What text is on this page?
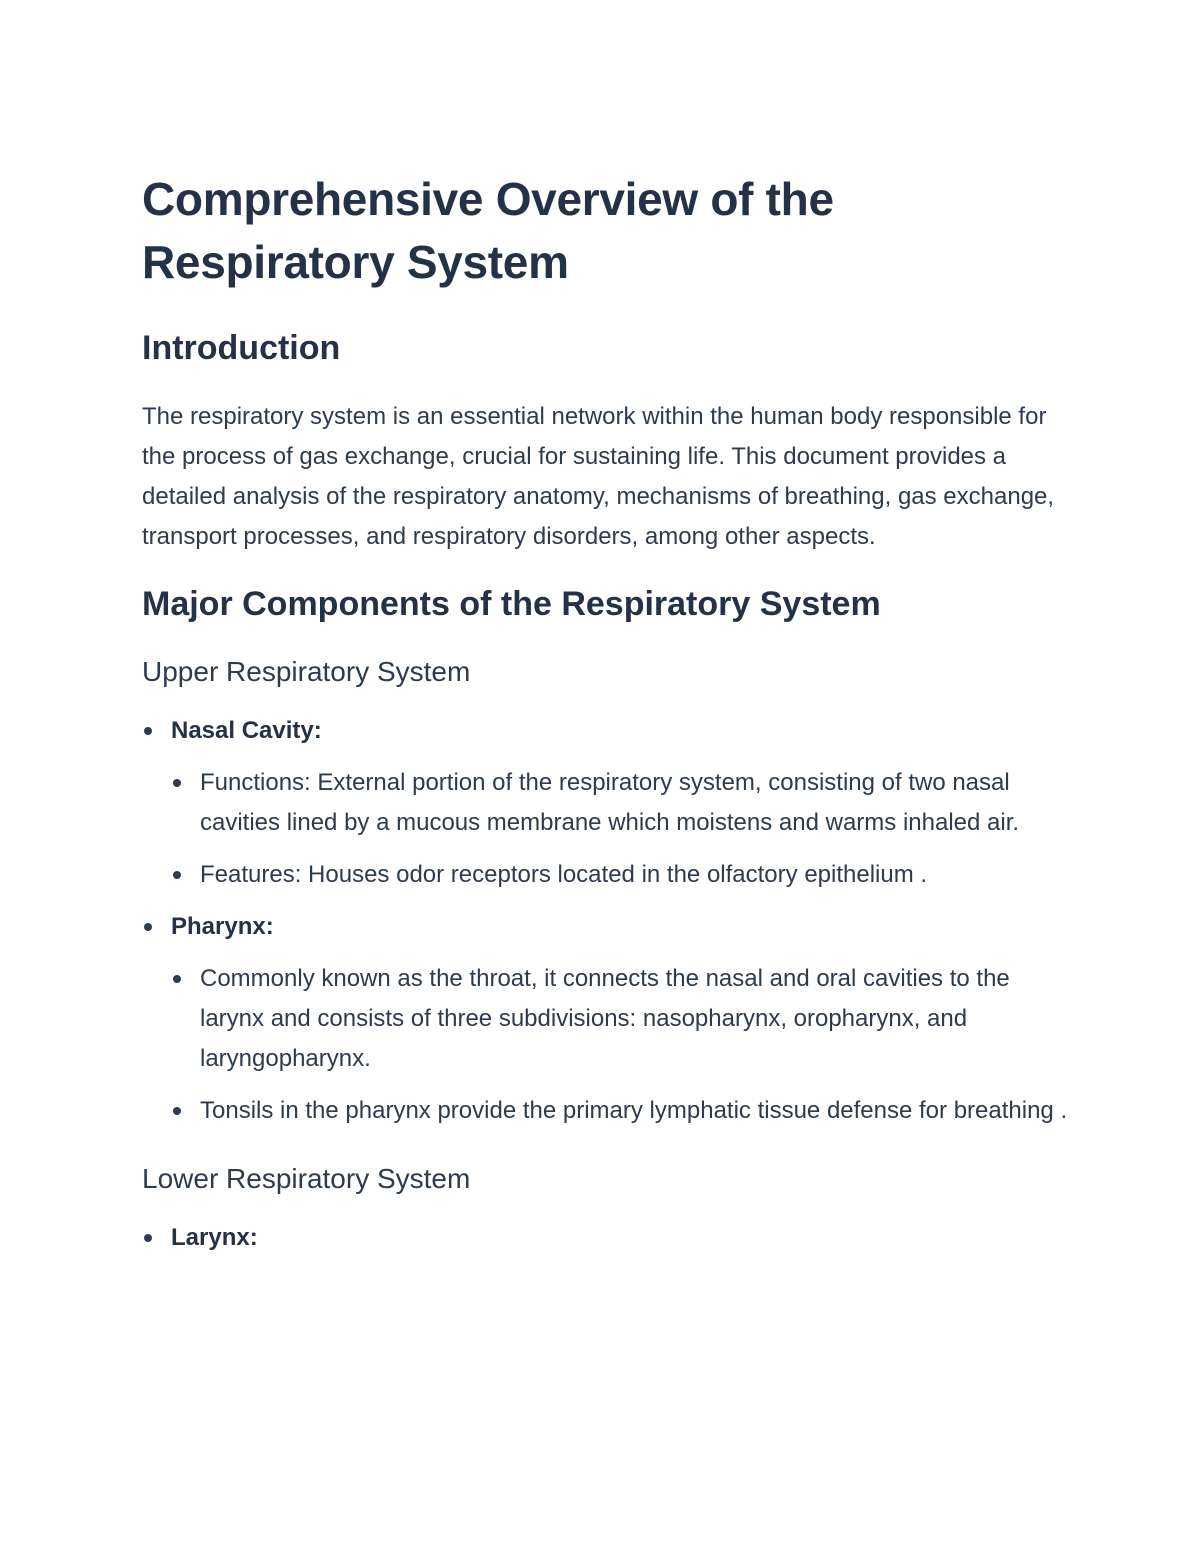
Comprehensive Overview of the Respiratory System
Introduction

The respiratory system is an essential network within the human body responsible for the process of gas exchange, crucial for sustaining life. This document provides a detailed analysis of the respiratory anatomy, mechanisms of breathing, gas exchange, transport processes, and respiratory disorders, among other aspects.

Major Components of the Respiratory System
Upper Respiratory System
Nasal Cavity:
Functions: External portion of the respiratory system, consisting of two nasal cavities lined by a mucous membrane which moistens and warms inhaled air.
Features: Houses odor receptors located in the olfactory epithelium .
Pharynx:
Commonly known as the throat, it connects the nasal and oral cavities to the larynx and consists of three subdivisions: nasopharynx, oropharynx, and laryngopharynx.
Tonsils in the pharynx provide the primary lymphatic tissue defense for breathing .
Lower Respiratory System
Larynx:
